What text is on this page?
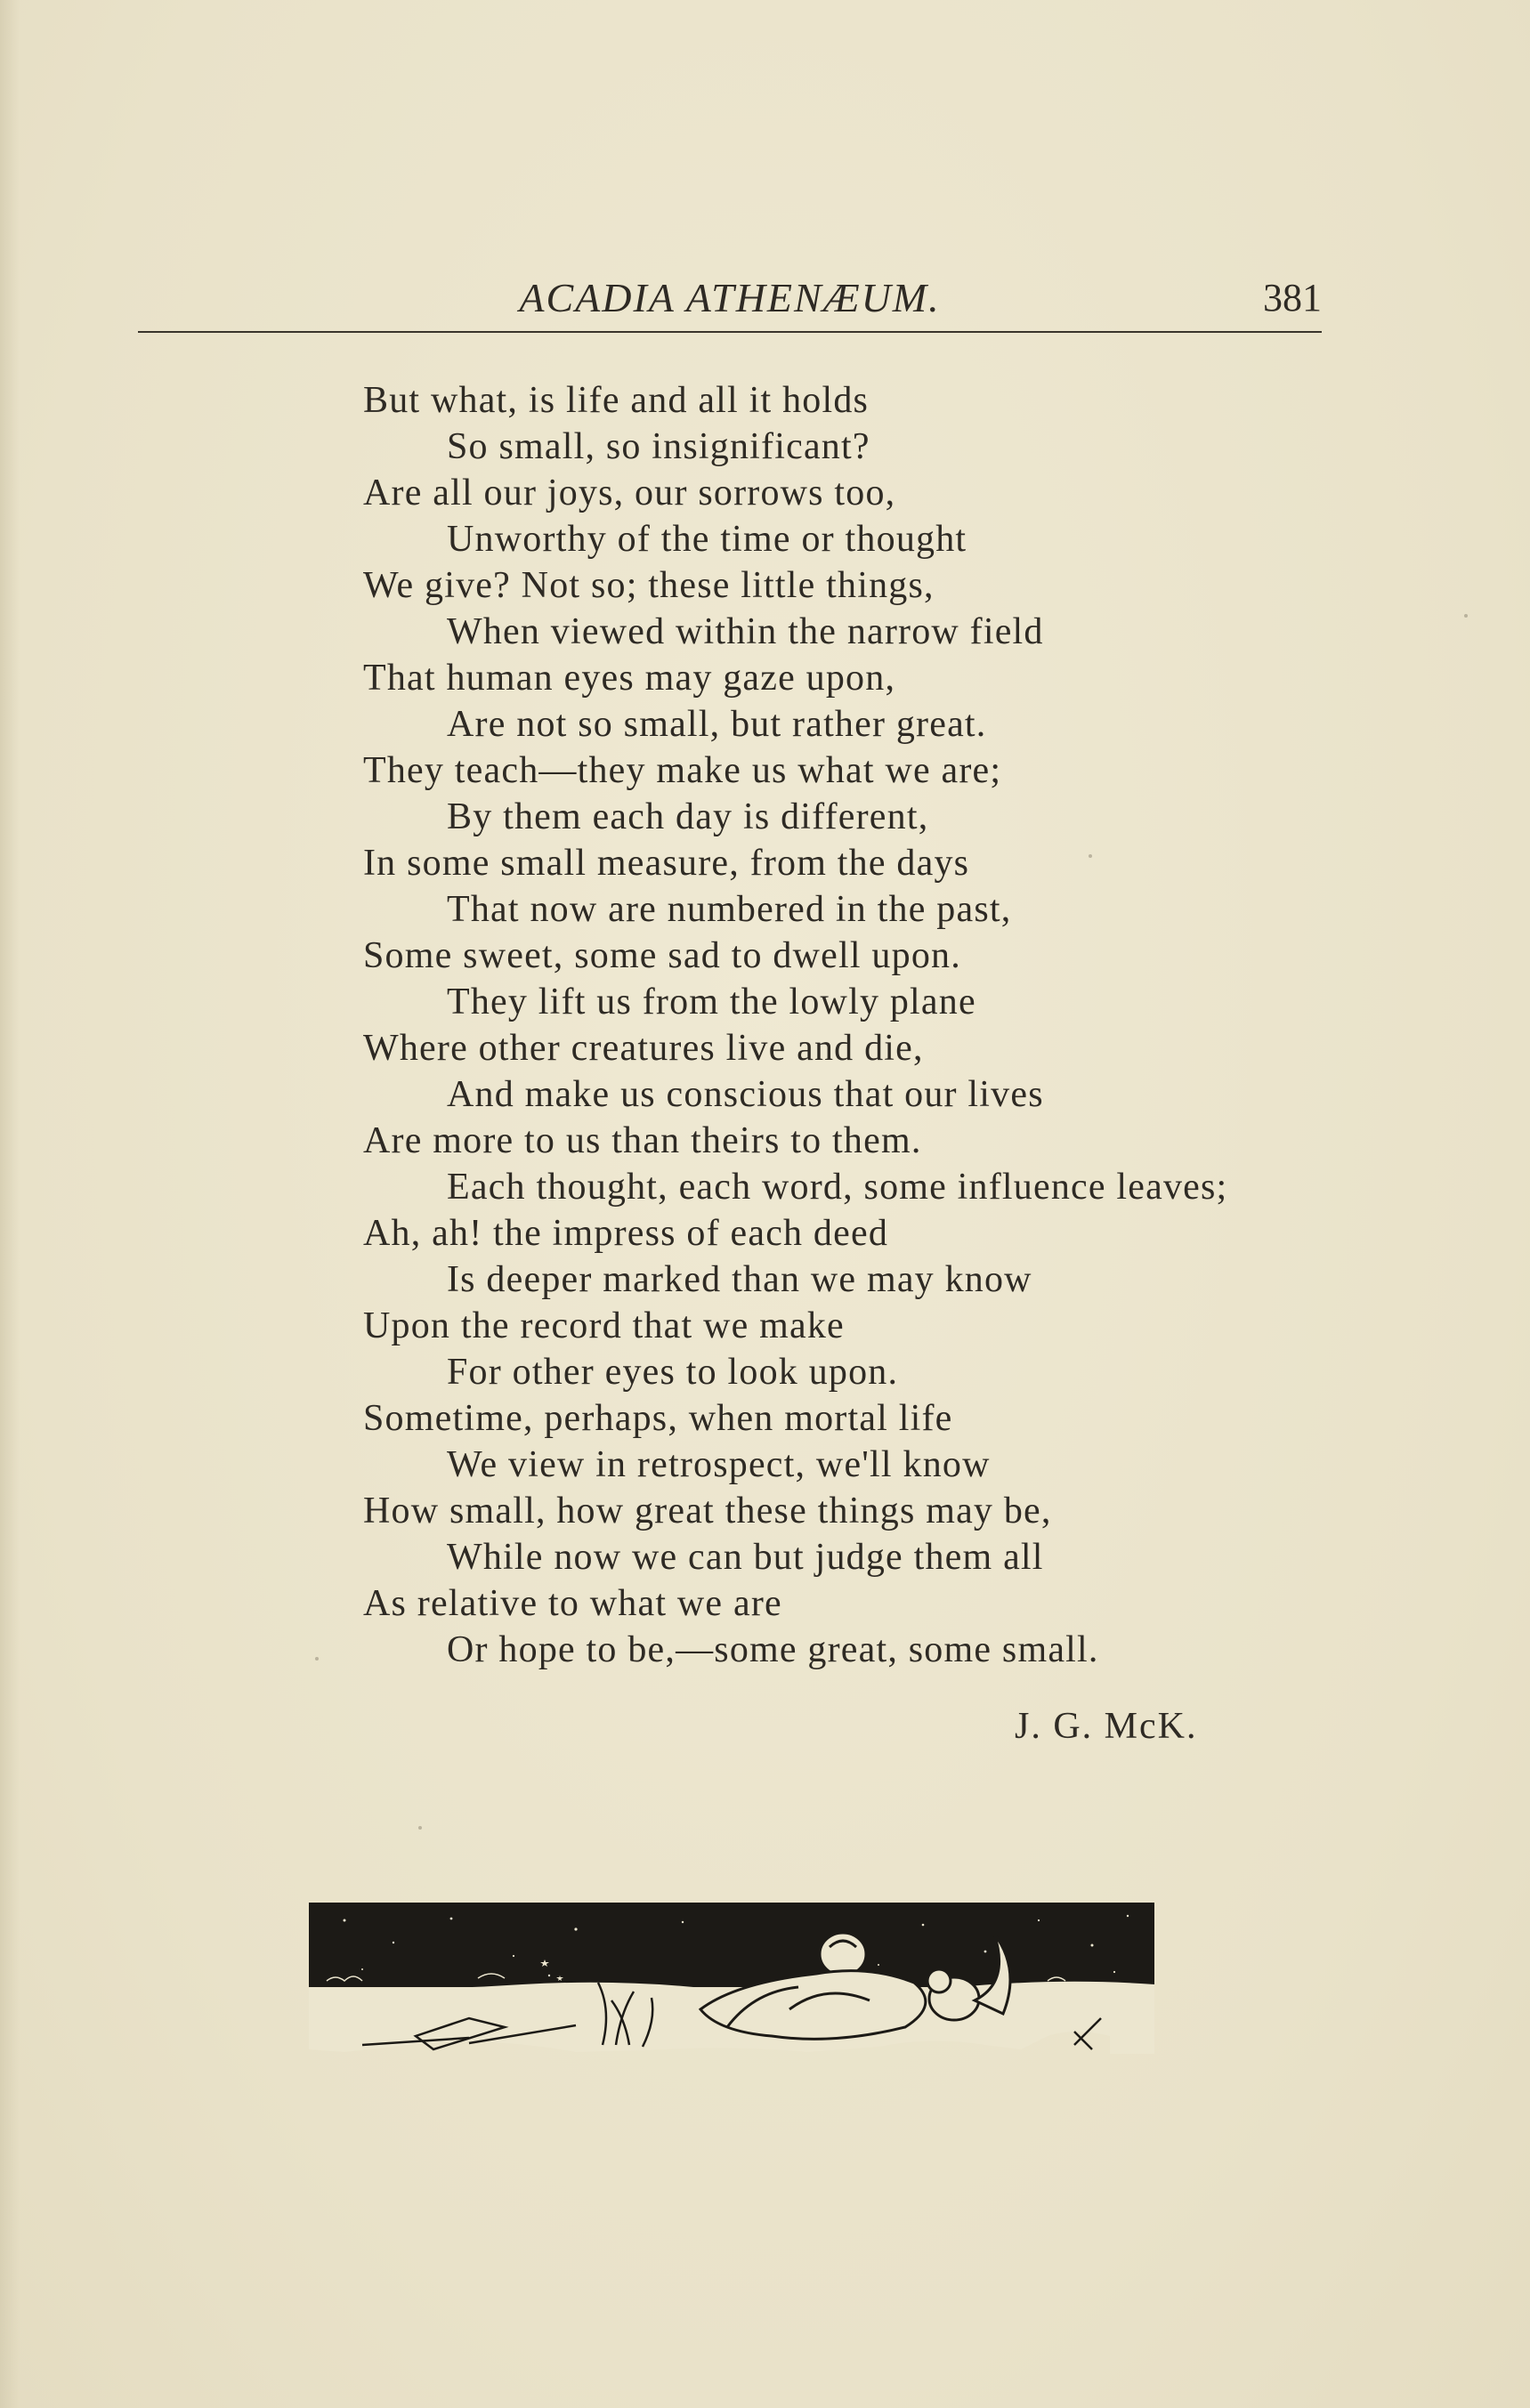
ACADIA ATHENÆUM.	381
But what, is life and all it holds
So small, so insignificant?
Are all our joys, our sorrows too,
Unworthy of the time or thought
We give? Not so; these little things,
When viewed within the narrow field
That human eyes may gaze upon,
Are not so small, but rather great.
They teach—they make us what we are;
By them each day is different,
In some small measure, from the days
That now are numbered in the past,
Some sweet, some sad to dwell upon.
They lift us from the lowly plane
Where other creatures live and die,
And make us conscious that our lives
Are more to us than theirs to them.
Each thought, each word, some influence leaves;
Ah, ah! the impress of each deed
Is deeper marked than we may know
Upon the record that we make
For other eyes to look upon.
Sometime, perhaps, when mortal life
We view in retrospect, we'll know
How small, how great these things may be,
While now we can but judge them all
As relative to what we are
Or hope to be,—some great, some small.
J. G. McK.
